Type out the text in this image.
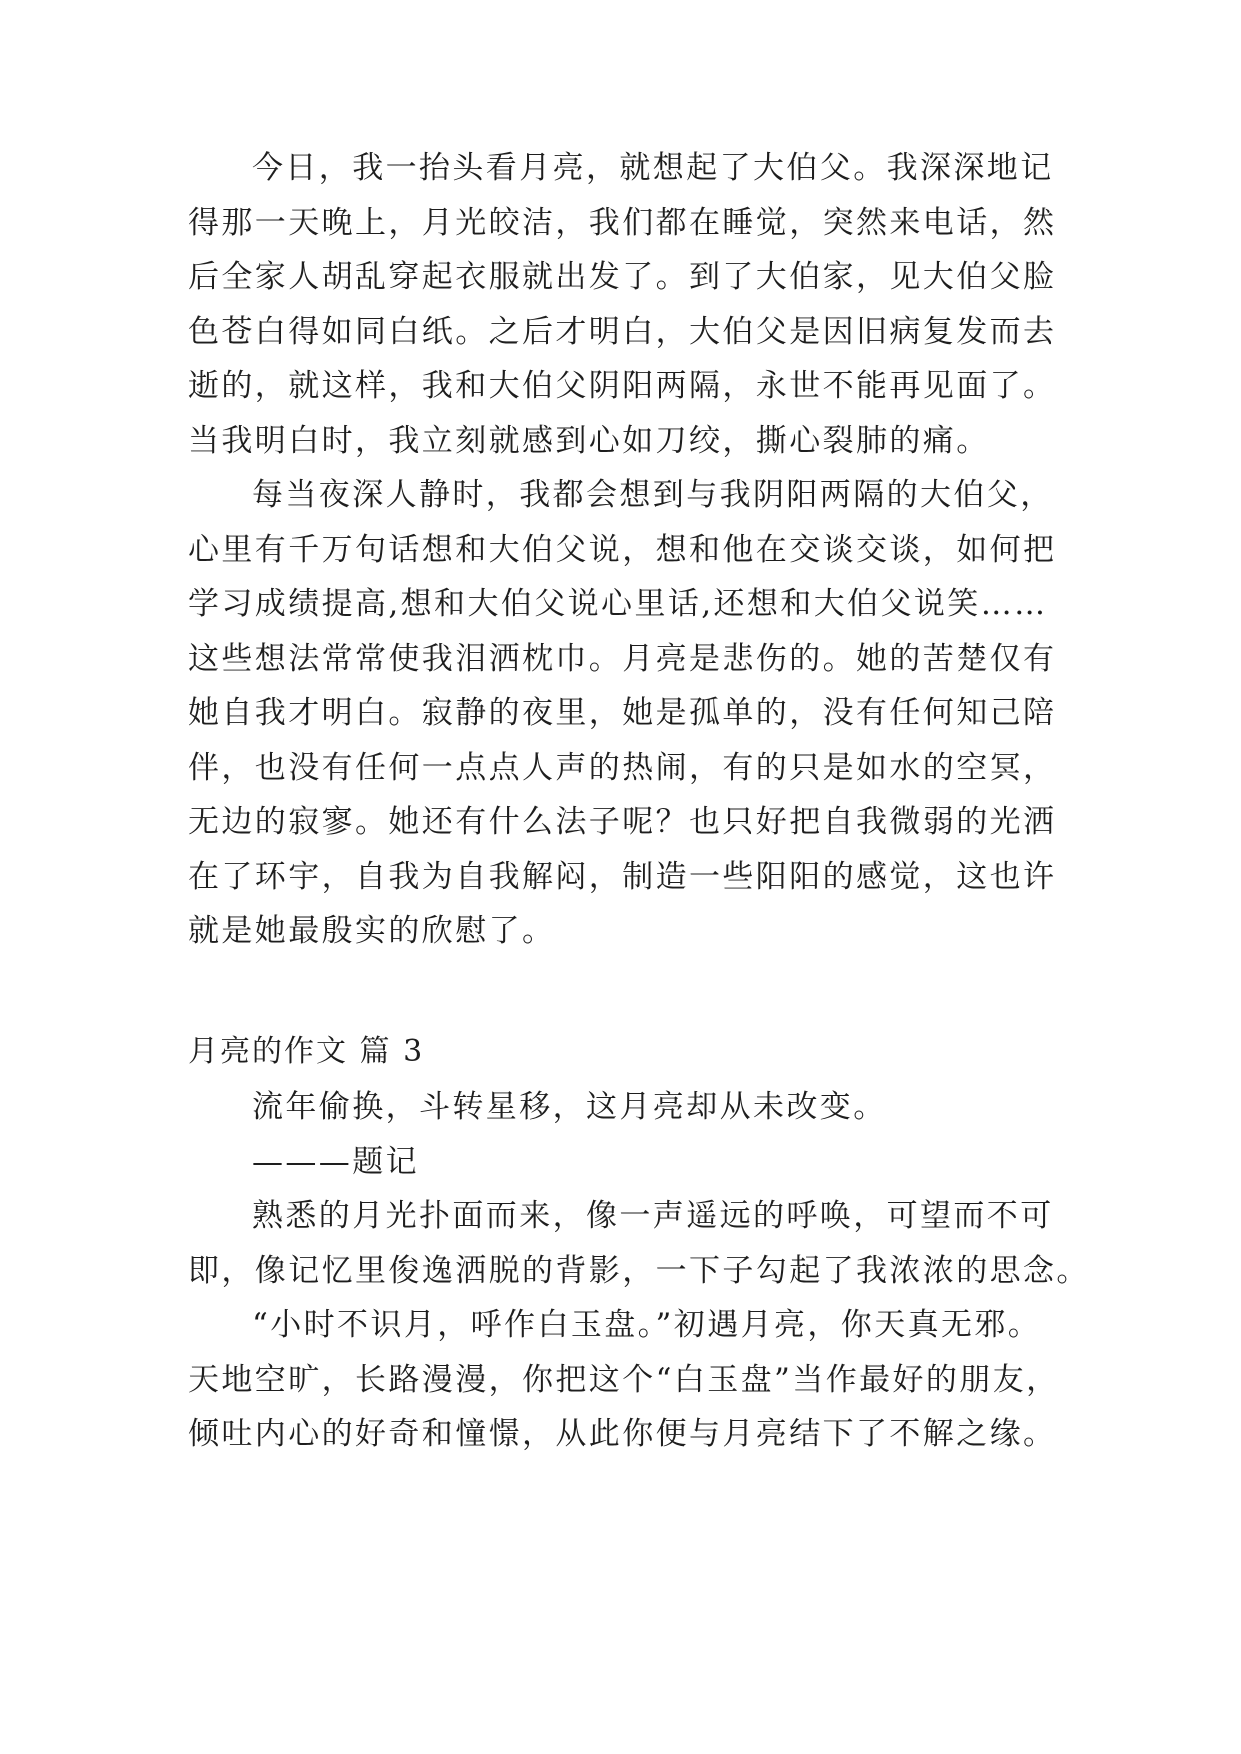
今日，我一抬头看月亮，就想起了大伯父。我深深地记
得那一天晚上，月光皎洁，我们都在睡觉，突然来电话，然
后全家人胡乱穿起衣服就出发了。到了大伯家，见大伯父脸
色苍白得如同白纸。之后才明白，大伯父是因旧病复发而去
逝的，就这样，我和大伯父阴阳两隔，永世不能再见面了。
当我明白时，我立刻就感到心如刀绞，撕心裂肺的痛。
每当夜深人静时，我都会想到与我阴阳两隔的大伯父，
心里有千万句话想和大伯父说，想和他在交谈交谈，如何把
学习成绩提高,想和大伯父说心里话,还想和大伯父说笑……
这些想法常常使我泪洒枕巾。月亮是悲伤的。她的苦楚仅有
她自我才明白。寂静的夜里，她是孤单的，没有任何知己陪
伴，也没有任何一点点人声的热闹，有的只是如水的空冥，
无边的寂寥。她还有什么法子呢？也只好把自我微弱的光洒
在了环宇，自我为自我解闷，制造一些阳阳的感觉，这也许
就是她最殷实的欣慰了。
月亮的作文 篇 3
流年偷换，斗转星移，这月亮却从未改变。
———题记
熟悉的月光扑面而来，像一声遥远的呼唤，可望而不可
即，像记忆里俊逸洒脱的背影，一下子勾起了我浓浓的思念。
“小时不识月，呼作白玉盘。”初遇月亮，你天真无邪。
天地空旷，长路漫漫，你把这个“白玉盘”当作最好的朋友，
倾吐内心的好奇和憧憬，从此你便与月亮结下了不解之缘。
